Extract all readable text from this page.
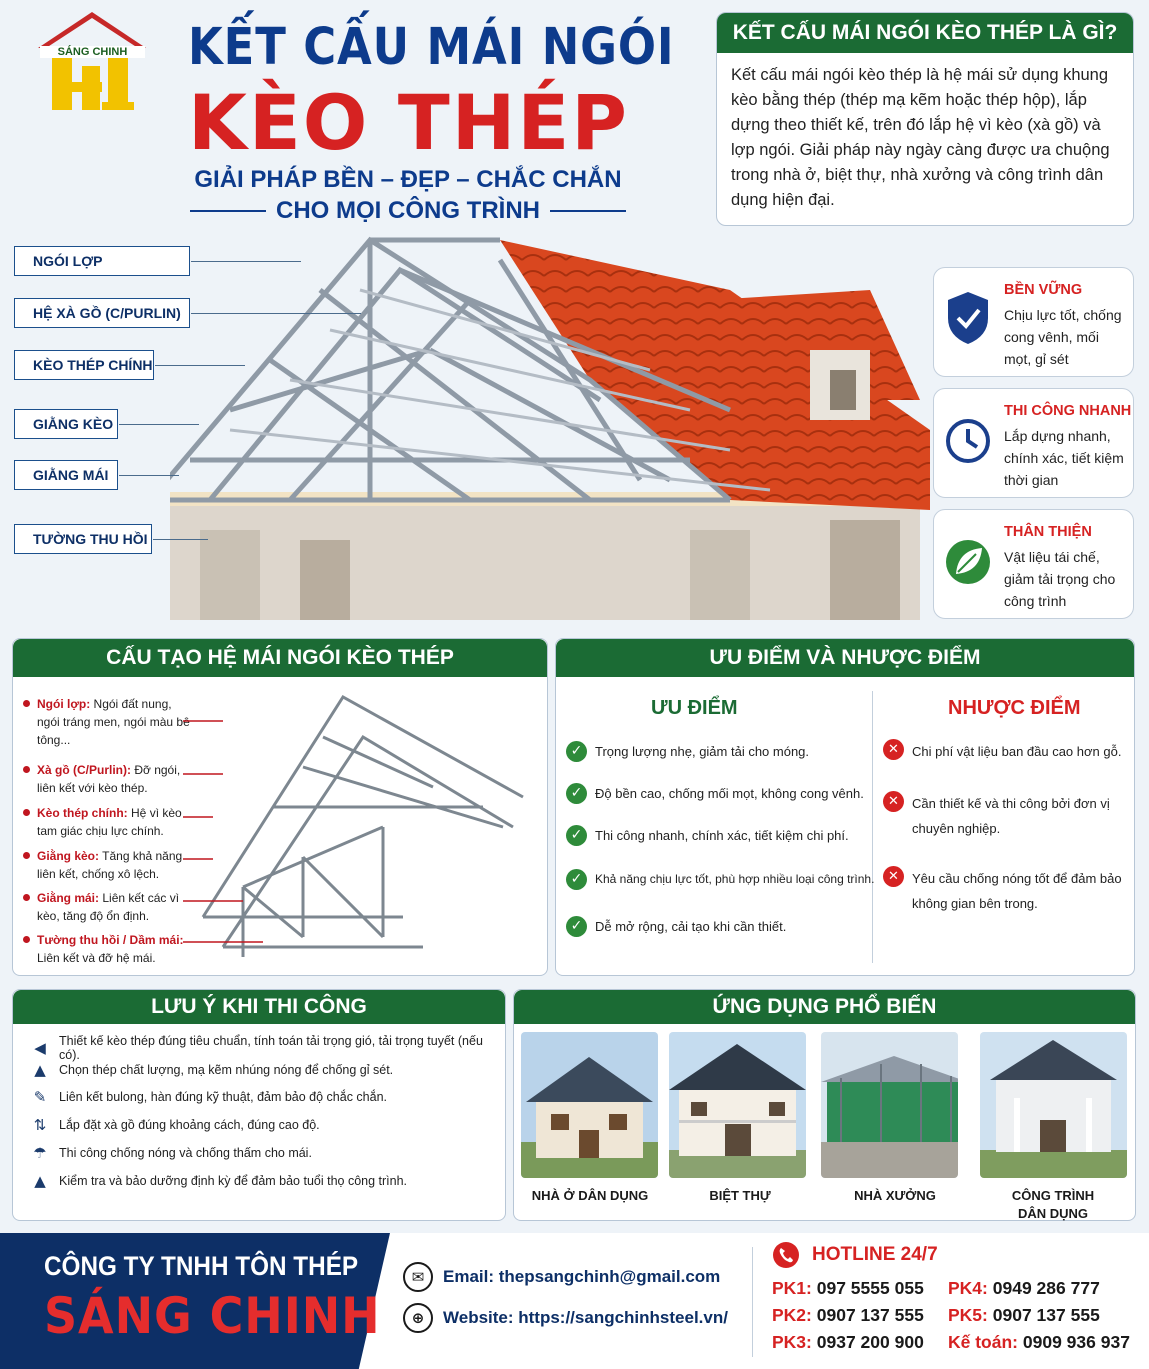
SÁNG CHINH	KẾT CẤU MÁI NGÓI
KÈO THÉP
GIẢI PHÁP BỀN – ĐẸP – CHẮC CHẮN
CHO MỌI CÔNG TRÌNH
KẾT CẤU MÁI NGÓI KÈO THÉP LÀ GÌ?
Kết cấu mái ngói kèo thép là hệ mái sử dụng khung kèo bằng thép (thép mạ kẽm hoặc thép hộp), lắp dựng theo thiết kế, trên đó lắp hệ vì kèo (xà gồ) và lợp ngói. Giải pháp này ngày càng được ưa chuộng trong nhà ở, biệt thự, nhà xưởng và công trình dân dụng hiện đại.
NGÓI LỢP
HỆ XÀ GỒ (C/PURLIN)
KÈO THÉP CHÍNH
GIẰNG KÈO
GIẰNG MÁI
TƯỜNG THU HỒI
BỀN VỮNG
Chịu lực tốt, chống cong vênh, mối mọt, gỉ sét
THI CÔNG NHANH
Lắp dựng nhanh, chính xác, tiết kiệm thời gian
THÂN THIỆN
Vật liệu tái chế, giảm tải trọng cho công trình
CẤU TẠO HỆ MÁI NGÓI KÈO THÉP
Ngói lợp: Ngói đất nung, ngói tráng men, ngói màu bê tông...
Xà gồ (C/Purlin): Đỡ ngói, liên kết với kèo thép.
Kèo thép chính: Hệ vì kèo tam giác chịu lực chính.
Giằng kèo: Tăng khả năng liên kết, chống xô lệch.
Giằng mái: Liên kết các vì kèo, tăng độ ổn định.
Tường thu hồi / Dầm mái: Liên kết và đỡ hệ mái.
ƯU ĐIỂM VÀ NHƯỢC ĐIỂM
ƯU ĐIỂM	NHƯỢC ĐIỂM
✓ Trọng lượng nhẹ, giảm tải cho móng.
✓ Độ bền cao, chống mối mọt, không cong vênh.
✓ Thi công nhanh, chính xác, tiết kiệm chi phí.
✓	Khả năng chịu lực tốt, phù hợp nhiều loại công trình.
✓ Dễ mở rộng, cải tạo khi cần thiết.
✕	Chi phí vật liệu ban đầu cao hơn gỗ.
✕	Cần thiết kế và thi công bởi đơn vị chuyên nghiệp.
✕	Yêu cầu chống nóng tốt để đảm bảo không gian bên trong.
LƯU Ý KHI THI CÔNG
◀ Thiết kế kèo thép đúng tiêu chuẩn, tính toán tải trọng gió, tải trọng tuyết (nếu có).
▲ Chọn thép chất lượng, mạ kẽm nhúng nóng để chống gỉ sét.
✎ Liên kết bulong, hàn đúng kỹ thuật, đảm bảo độ chắc chắn.
⇅ Lắp đặt xà gồ đúng khoảng cách, đúng cao độ.
☂ Thi công chống nóng và chống thấm cho mái.
▲ Kiểm tra và bảo dưỡng định kỳ để đảm bảo tuổi thọ công trình.
ỨNG DỤNG PHỔ BIẾN
NHÀ Ở DÂN DỤNG	BIỆT THỰ	NHÀ XƯỞNG	CÔNG TRÌNH DÂN DỤNG
CÔNG TY TNHH TÔN THÉP
SÁNG CHINH
✉	Email: thepsangchinh@gmail.com
⊕	Website: https://sangchinhsteel.vn/
HOTLINE 24/7
PK1: 097 5555 055 PK4: 0949 286 777
PK2: 0907 137 555 PK5: 0907 137 555
PK3: 0937 200 900 Kế toán: 0909 936 937
